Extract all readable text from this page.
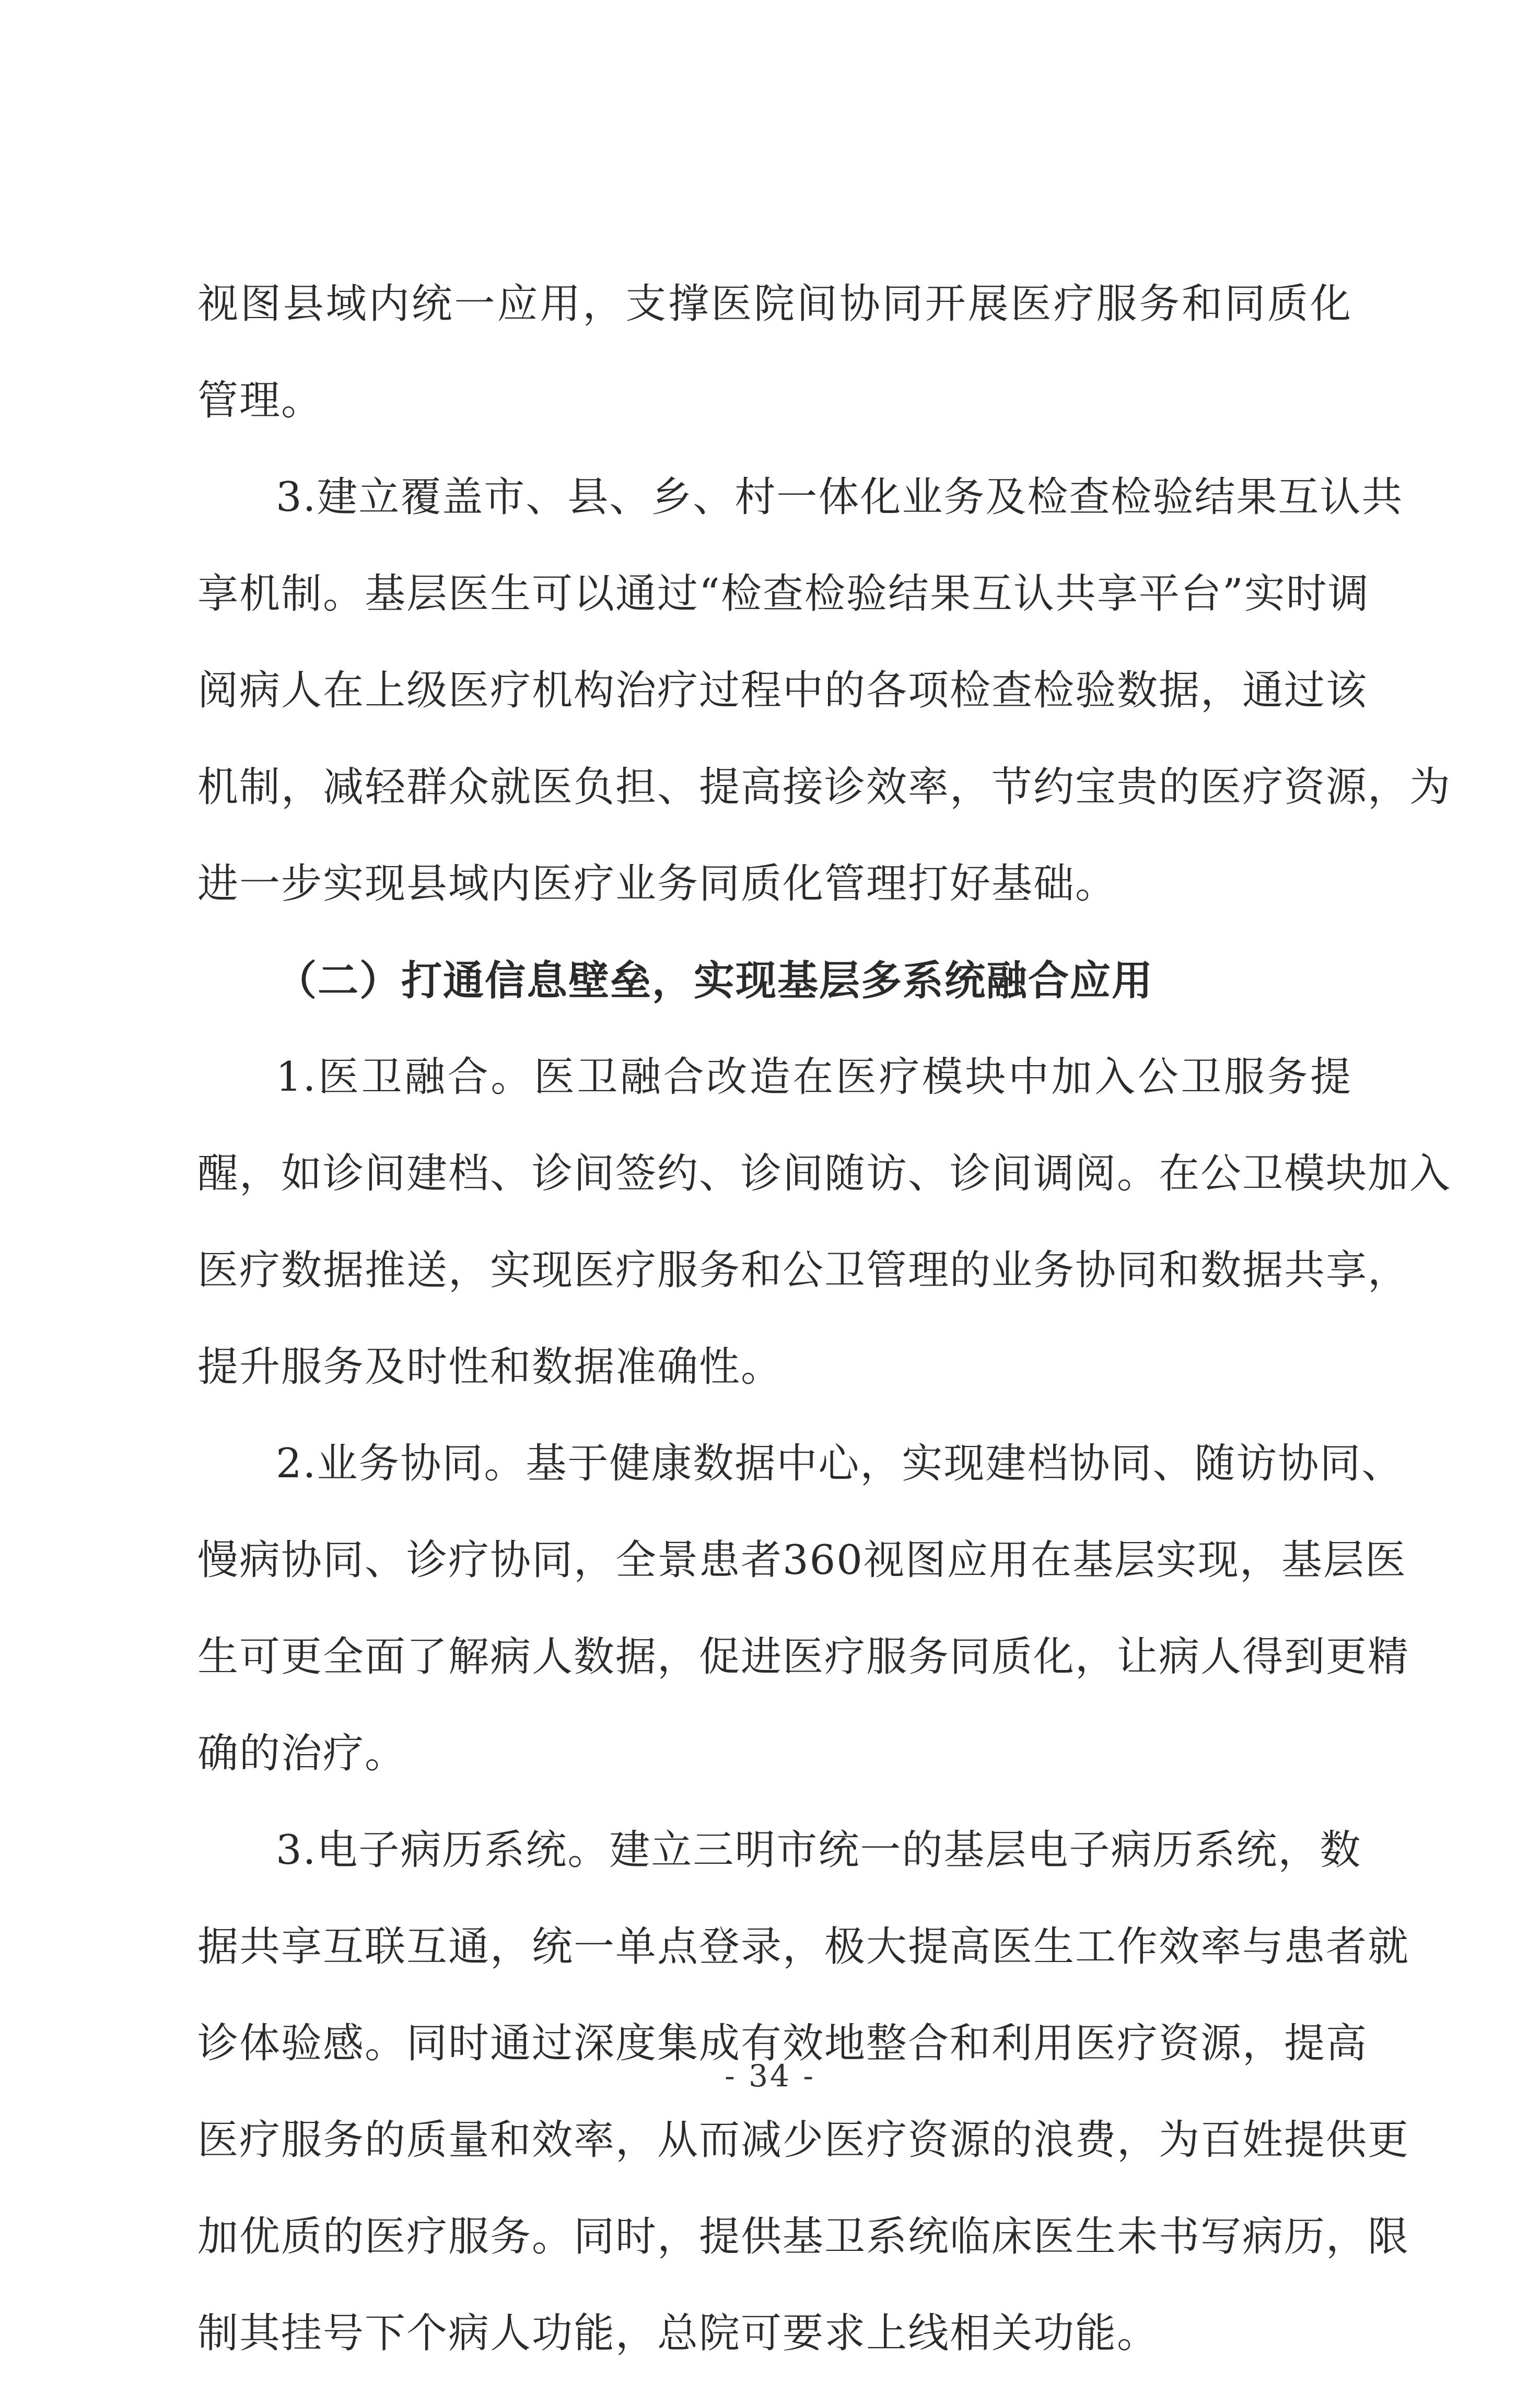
视图县域内统一应用，支撑医院间协同开展医疗服务和同质化
管理。
3.建立覆盖市、县、乡、村一体化业务及检查检验结果互认共
享机制。基层医生可以通过“检查检验结果互认共享平台”实时调
阅病人在上级医疗机构治疗过程中的各项检查检验数据，通过该
机制，减轻群众就医负担、提高接诊效率，节约宝贵的医疗资源，为
进一步实现县域内医疗业务同质化管理打好基础。
（二）打通信息壁垒，实现基层多系统融合应用
1.医卫融合。医卫融合改造在医疗模块中加入公卫服务提
醒，如诊间建档、诊间签约、诊间随访、诊间调阅。在公卫模块加入
医疗数据推送，实现医疗服务和公卫管理的业务协同和数据共享，
提升服务及时性和数据准确性。
2.业务协同。基于健康数据中心，实现建档协同、随访协同、
慢病协同、诊疗协同，全景患者360视图应用在基层实现，基层医
生可更全面了解病人数据，促进医疗服务同质化，让病人得到更精
确的治疗。
3.电子病历系统。建立三明市统一的基层电子病历系统，数
据共享互联互通，统一单点登录，极大提高医生工作效率与患者就
诊体验感。同时通过深度集成有效地整合和利用医疗资源，提高
医疗服务的质量和效率，从而减少医疗资源的浪费，为百姓提供更
加优质的医疗服务。同时，提供基卫系统临床医生未书写病历，限
制其挂号下个病人功能，总院可要求上线相关功能。
- 34 -
